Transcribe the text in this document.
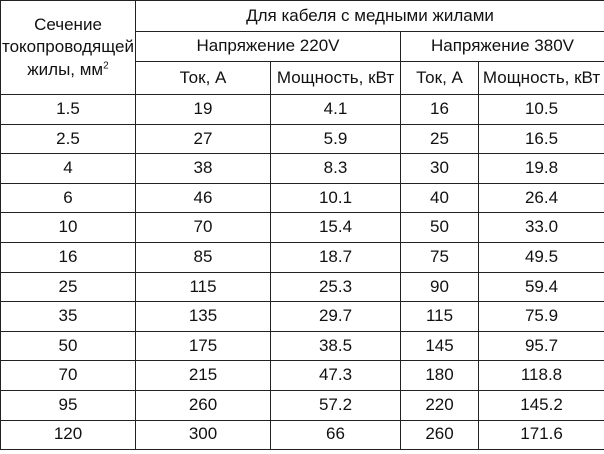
Сечение
токопроводящей
жилы, $мм^2$	Для кабеля с медными жилами			
	Напряжение 220V		Напряжение 380V	
	Ток, А	Мощность, кВт	Ток, А	Мощность, кВт
1.5	19	4.1	16	10.5
2.5	27	5.9	25	16.5
4	38	8.3	30	19.8
6	46	10.1	40	26.4
10	70	15.4	50	33.0
16	85	18.7	75	49.5
25	115	25.3	90	59.4
35	135	29.7	115	75.9
50	175	38.5	145	95.7
70	215	47.3	180	118.8
95	260	57.2	220	145.2
120	300	66	260	171.6
